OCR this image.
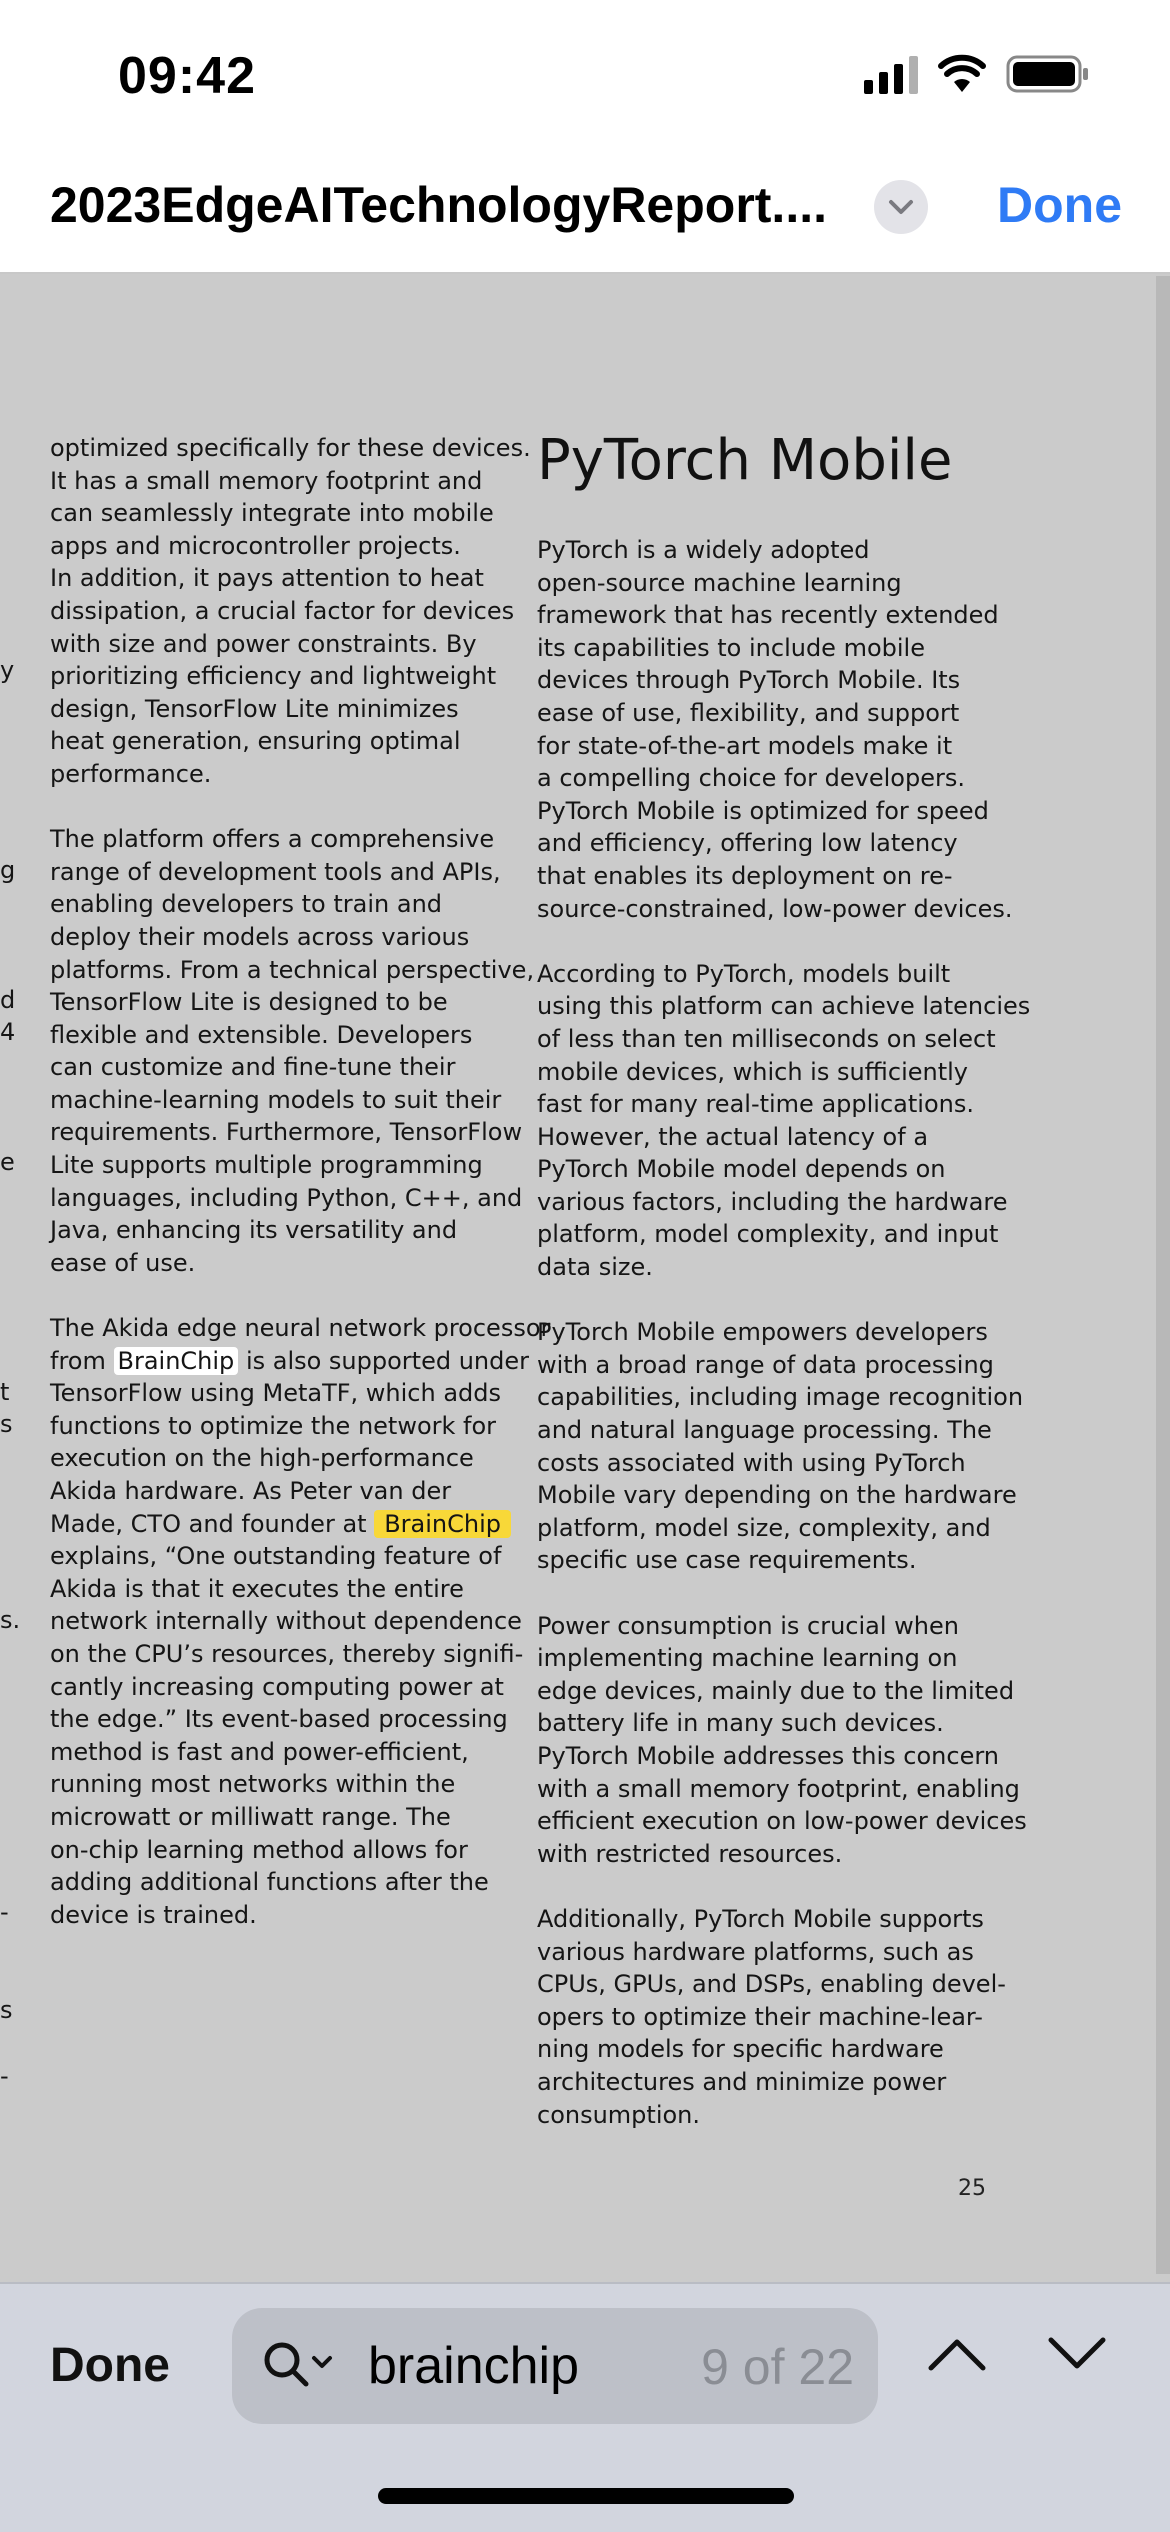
09:42
2023EdgeAITechnologyReport....	Done
y
g
d
4
e
t
s
s.
-
s
-
optimized specifically for these devices.
It has a small memory footprint and
can seamlessly integrate into mobile
apps and microcontroller projects.
In addition, it pays attention to heat
dissipation, a crucial factor for devices
with size and power constraints. By
prioritizing efficiency and lightweight
design, TensorFlow Lite minimizes
heat generation, ensuring optimal
performance.
The platform offers a comprehensive
range of development tools and APIs,
enabling developers to train and
deploy their models across various
platforms. From a technical perspective,
TensorFlow Lite is designed to be
flexible and extensible. Developers
can customize and fine-tune their
machine-learning models to suit their
requirements. Furthermore, TensorFlow
Lite supports multiple programming
languages, including Python, C++, and
Java, enhancing its versatility and
ease of use.
The Akida edge neural network processor
from BrainChip is also supported under
TensorFlow using MetaTF, which adds
functions to optimize the network for
execution on the high-performance
Akida hardware. As Peter van der
Made, CTO and founder at BrainChip
explains, “One outstanding feature of
Akida is that it executes the entire
network internally without dependence
on the CPU’s resources, thereby signifi-
cantly increasing computing power at
the edge.” Its event-based processing
method is fast and power-efficient,
running most networks within the
microwatt or milliwatt range. The
on-chip learning method allows for
adding additional functions after the
device is trained.
PyTorch Mobile
PyTorch is a widely adopted
open-source machine learning
framework that has recently extended
its capabilities to include mobile
devices through PyTorch Mobile. Its
ease of use, flexibility, and support
for state-of-the-art models make it
a compelling choice for developers.
PyTorch Mobile is optimized for speed
and efficiency, offering low latency
that enables its deployment on re-
source-constrained, low-power devices.
According to PyTorch, models built
using this platform can achieve latencies
of less than ten milliseconds on select
mobile devices, which is sufficiently
fast for many real-time applications.
However, the actual latency of a
PyTorch Mobile model depends on
various factors, including the hardware
platform, model complexity, and input
data size.
PyTorch Mobile empowers developers
with a broad range of data processing
capabilities, including image recognition
and natural language processing. The
costs associated with using PyTorch
Mobile vary depending on the hardware
platform, model size, complexity, and
specific use case requirements.
Power consumption is crucial when
implementing machine learning on
edge devices, mainly due to the limited
battery life in many such devices.
PyTorch Mobile addresses this concern
with a small memory footprint, enabling
efficient execution on low-power devices
with restricted resources.
Additionally, PyTorch Mobile supports
various hardware platforms, such as
CPUs, GPUs, and DSPs, enabling devel-
opers to optimize their machine-lear-
ning models for specific hardware
architectures and minimize power
consumption.
25
Done
brainchip	9 of 22
